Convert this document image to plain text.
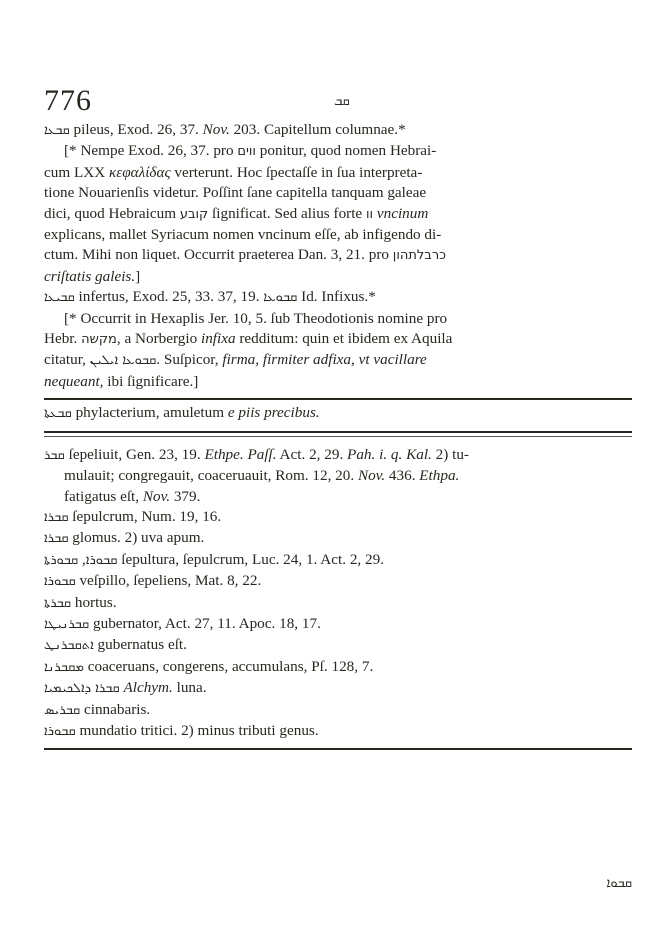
776	ܩܒ
ܩܒܥܐ pileus, Exod. 26, 37. Nov. 203. Capitellum columnae.*
[* Nempe Exod. 26, 37. pro ווים ponitur, quod nomen Hebrai-
cum LXX κεφαλίδας verterunt. Hoc ſpectaſſe in ſua interpreta-
tione Nouarienſis videtur. Poſſint ſane capitella tanquam galeae
dici, quod Hebraicum קובע ſignificat. Sed alius forte וו vncinum
explicans, mallet Syriacum nomen vncinum eſſe, ab infigendo di-
ctum. Mihi non liquet. Occurrit praeterea Dan. 3, 21. pro כרבלתהון
criſtatis galeis.]
ܩܒܝܥܐ infertus, Exod. 25, 33. 37, 19. ܩܒܘܥܐ Id. Infixus.*
[* Occurrit in Hexaplis Jer. 10, 5. ſub Theodotionis nomine pro
Hebr. מקשה, a Norbergio infixa redditum: quin et ibidem ex Aquila
citatur, ܩܒܘܥܐ ܐܝܠܝܢ. Suſpicor, firma, firmiter adfixa, vt vacillare
nequeant, ibi ſignificare.]
ܩܒܥܬܐ phylacterium, amuletum e piis precibus.
ܩܒܪ ſepeliuit, Gen. 23, 19. Ethpe. Paſſ. Act. 2, 29. Pah. i. q. Kal. 2) tu-
mulauit; congregauit, coaceruauit, Rom. 12, 20. Nov. 436. Ethpa.
fatigatus eſt, Nov. 379.
ܩܒܪܐ ſepulcrum, Num. 19, 16.
ܩܒܪܐ glomus. 2) uva apum.
ܩܒܘܪܐ, ܩܒܘܪܬܐ	ſepultura, ſepulcrum, Luc. 24, 1. Act. 2, 29.
ܩܒܘܪܐ veſpillo, ſepeliens, Mat. 8, 22.
ܩܒܪܬܐ hortus.
ܩܒܪܢܝܛܐ gubernator, Act. 27, 11. Apoc. 18, 17.
ܐܬܩܒܪܢܛ gubernatus eſt.
ܡܩܒܪܢܐ coaceruans, congerens, accumulans, Pſ. 128, 7.
ܩܒܪܐ ܕܐܠܟܝܡܝܐ Alchym. luna.
ܩܒܪܝܣ cinnabaris.
ܩܒܘܪܐ mundatio tritici. 2) minus tributi genus.
ܩܒܘܐ
